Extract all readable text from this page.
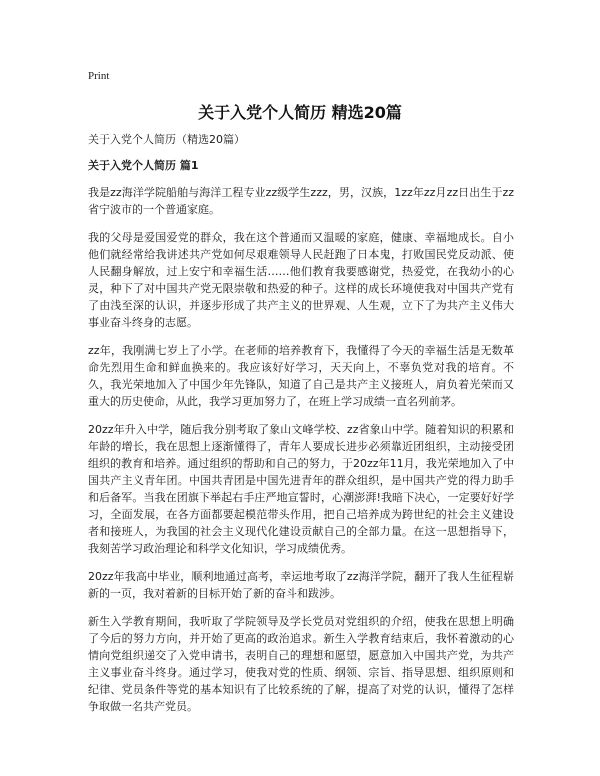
Print
关于入党个人简历 精选20篇

关于入党个人简历（精选20篇）

关于入党个人简历 篇1

我是zz海洋学院船舶与海洋工程专业zz级学生zzz，男，汉族，1zz年zz月zz日出生于zz省宁波市的一个普通家庭。

我的父母是爱国爱党的群众，我在这个普通而又温暖的家庭，健康、幸福地成长。自小他们就经常给我讲述共产党如何尽艰难领导人民赶跑了日本鬼，打败国民党反动派、使人民翻身解放，过上安宁和幸福生活……他们教育我要感谢党，热爱党，在我幼小的心灵，种下了对中国共产党无限崇敬和热爱的种子。这样的成长环境使我对中国共产党有了由浅至深的认识，并逐步形成了共产主义的世界观、人生观，立下了为共产主义伟大事业奋斗终身的志愿。

zz年，我刚满七岁上了小学。在老师的培养教育下，我懂得了今天的幸福生活是无数革命先烈用生命和鲜血换来的。我应该好好学习，天天向上，不辜负党对我的培育。不久，我光荣地加入了中国少年先锋队，知道了自己是共产主义接班人，肩负着光荣而又重大的历史使命，从此，我学习更加努力了，在班上学习成绩一直名列前茅。

20zz年升入中学，随后我分别考取了象山文峰学校、zz省象山中学。随着知识的积累和年龄的增长，我在思想上逐渐懂得了，青年人要成长进步必须靠近团组织，主动接受团组织的教育和培养。通过组织的帮助和自己的努力，于20zz年11月，我光荣地加入了中国共产主义青年团。中国共青团是中国先进青年的群众组织，是中国共产党的得力助手和后备军。当我在团旗下举起右手庄严地宣誓时，心潮澎湃!我暗下决心，一定要好好学习，全面发展，在各方面都要起模范带头作用，把自己培养成为跨世纪的社会主义建设者和接班人，为我国的社会主义现代化建设贡献自己的全部力量。在这一思想指导下，我刻苦学习政治理论和科学文化知识，学习成绩优秀。

20zz年我高中毕业，顺利地通过高考，幸运地考取了zz海洋学院，翻开了我人生征程崭新的一页，我对着新的目标开始了新的奋斗和跋涉。

新生入学教育期间，我听取了学院领导及学长党员对党组织的介绍，使我在思想上明确了今后的努力方向，并开始了更高的政治追求。新生入学教育结束后，我怀着激动的心情向党组织递交了入党申请书，表明自己的理想和愿望，愿意加入中国共产党，为共产主义事业奋斗终身。通过学习，使我对党的性质、纲领、宗旨、指导思想、组织原则和纪律、党员条件等党的基本知识有了比较系统的了解，提高了对党的认识，懂得了怎样争取做一名共产党员。
